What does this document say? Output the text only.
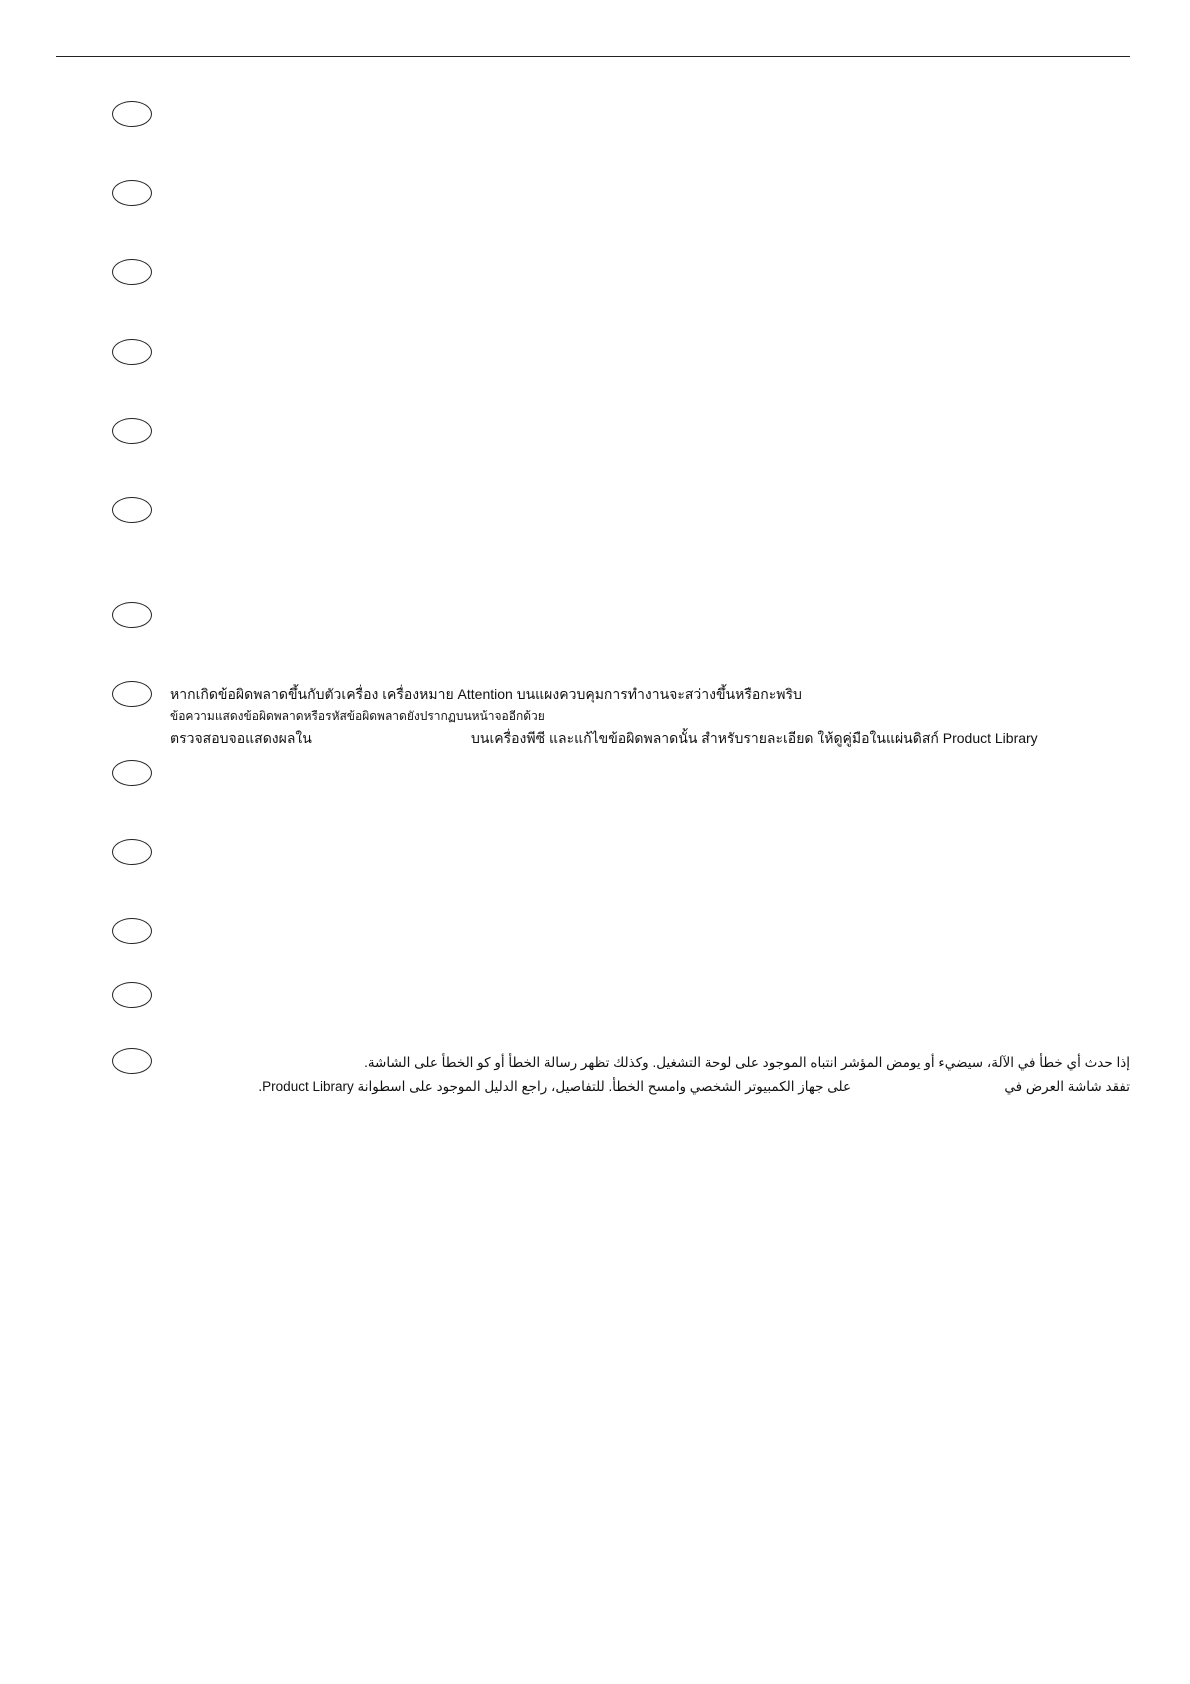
หากเกิดข้อผิดพลาดขึ้นกับตัวเครื่อง เครื่องหมาย Attention บนแผงควบคุมการทำงานจะสว่างขึ้นหรือกะพริบ
ข้อความแสดงข้อผิดพลาดหรือรหัสข้อผิดพลาดยังปรากฏบนหน้าจออีกด้วย
ตรวจสอบจอแสดงผลใน	บนเครื่องพีซี และแก้ไขข้อผิดพลาดนั้น สำหรับรายละเอียด ให้ดูคู่มือในแผ่นดิสก์ Product Library
إذا حدث أي خطأ في الآلة، سيضيء أو يومض المؤشر انتباه الموجود على لوحة التشغيل. وكذلك تظهر رسالة الخطأ أو كو الخطأ على الشاشة.
تفقد شاشة العرض في
على جهاز الكمبيوتر الشخصي وامسح الخطأ. للتفاصيل، راجع الدليل الموجود على اسطوانة Product Library.
